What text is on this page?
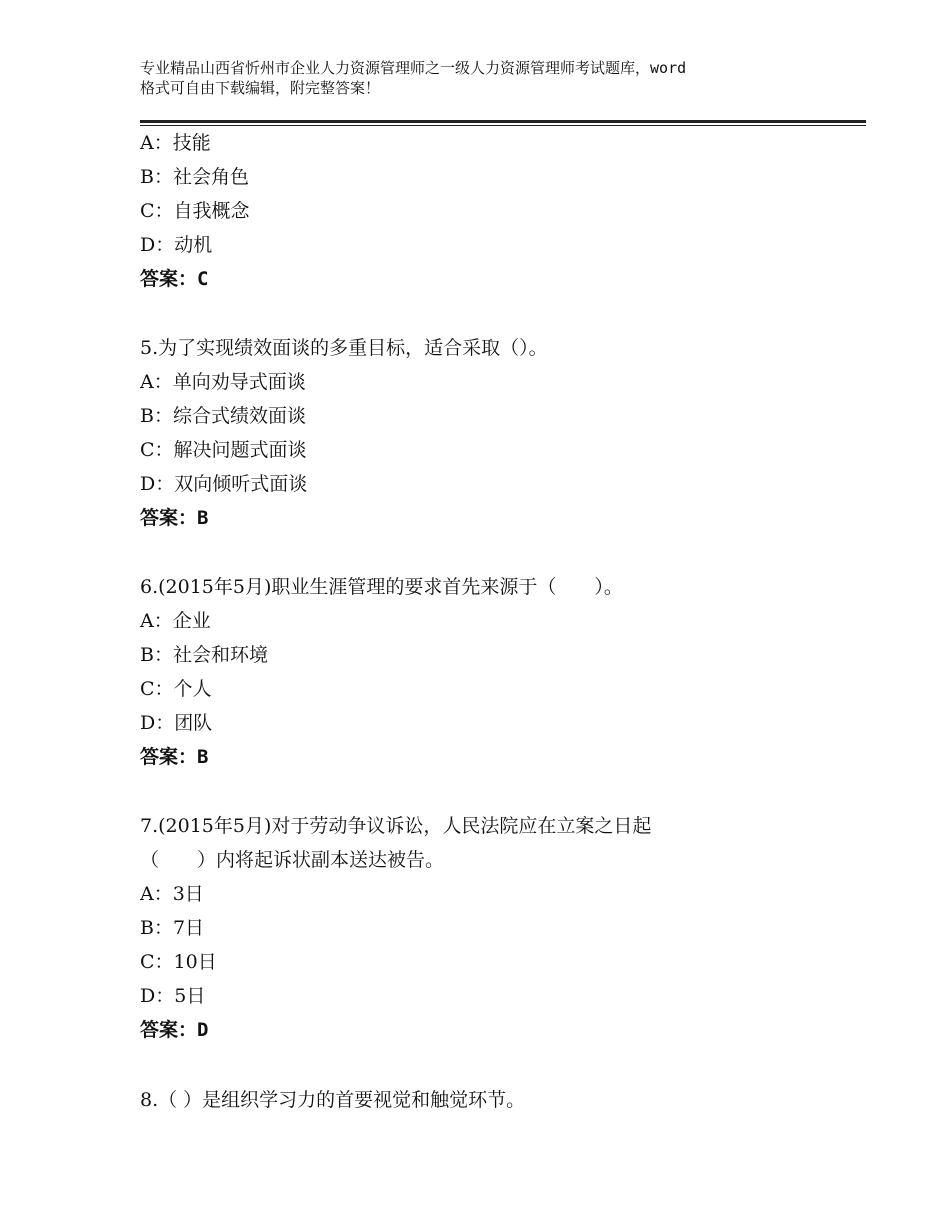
专业精品山西省忻州市企业人力资源管理师之一级人力资源管理师考试题库，word
格式可自由下载编辑，附完整答案！
A：技能
B：社会角色
C：自我概念
D：动机
答案：C
5.为了实现绩效面谈的多重目标，适合采取（）。
A：单向劝导式面谈
B：综合式绩效面谈
C：解决问题式面谈
D：双向倾听式面谈
答案：B
6.(2015年5月)职业生涯管理的要求首先来源于（　　）。
A：企业
B：社会和环境
C：个人
D：团队
答案：B
7.(2015年5月)对于劳动争议诉讼，人民法院应在立案之日起
（　　）内将起诉状副本送达被告。
A：3日
B：7日
C：10日
D：5日
答案：D
8.（ ）是组织学习力的首要视觉和触觉环节。
